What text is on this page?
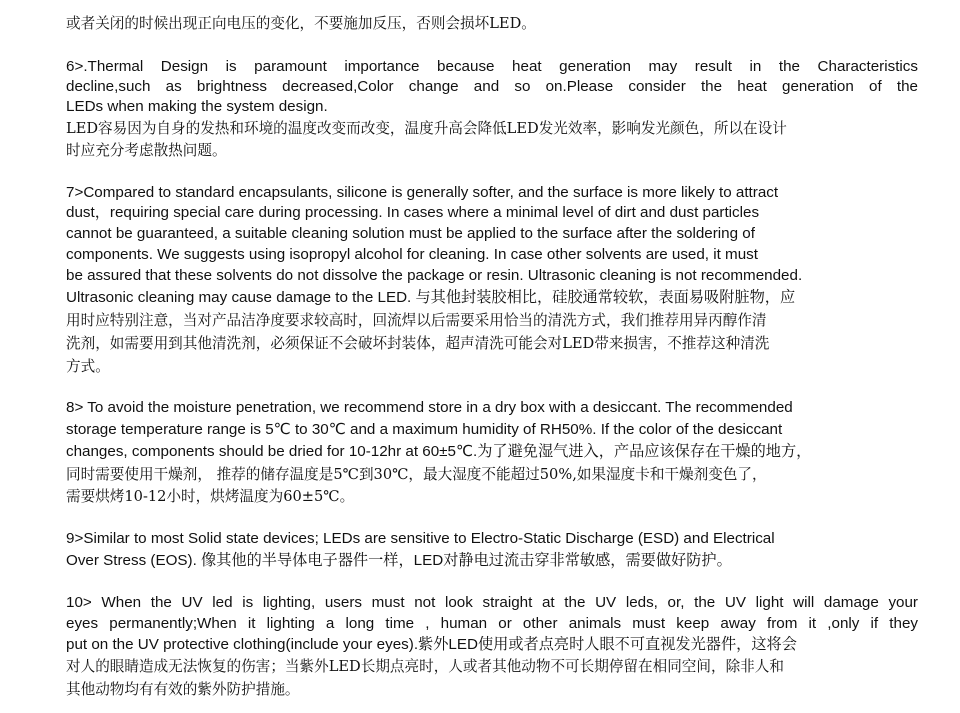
或者关闭的时候出现正向电压的变化，不要施加反压，否则会损坏LED。
6>.Thermal Design is paramount importance because heat generation may result in the Characteristics
decline,such as brightness decreased,Color change and so on.Please consider the heat generation of the
LEDs when making the system design.
LED容易因为自身的发热和环境的温度改变而改变，温度升高会降低LED发光效率，影响发光颜色，所以在设计
时应充分考虑散热问题。
7>Compared to standard encapsulants, silicone is generally softer, and the surface is more likely to attract
dust，requiring special care during processing. In cases where a minimal level of dirt and dust particles
cannot be guaranteed, a suitable cleaning solution must be applied to the surface after the soldering of
components. We suggests using isopropyl alcohol for cleaning. In case other solvents are used, it must
be assured that these solvents do not dissolve the package or resin. Ultrasonic cleaning is not recommended.
Ultrasonic cleaning may cause damage to the LED. 与其他封装胶相比，硅胶通常较软，表面易吸附脏物，应
用时应特别注意，当对产品洁净度要求较高时，回流焊以后需要采用恰当的清洗方式，我们推荐用异丙醇作清
洗剂，如需要用到其他清洗剂，必须保证不会破坏封装体，超声清洗可能会对LED带来损害，不推荐这种清洗
方式。
8> To avoid the moisture penetration, we recommend store in a dry box with a desiccant. The recommended
storage temperature range is 5℃ to 30℃ and a maximum humidity of RH50%. If the color of the desiccant
changes, components should be dried for 10-12hr at 60±5℃.为了避免湿气进入，产品应该保存在干燥的地方，
同时需要使用干燥剂， 推荐的储存温度是5℃到30℃，最大湿度不能超过50%,如果湿度卡和干燥剂变色了，
需要烘烤10-12小时，烘烤温度为60±5℃。
9>Similar to most Solid state devices; LEDs are sensitive to Electro-Static Discharge (ESD) and Electrical
Over Stress (EOS). 像其他的半导体电子器件一样，LED对静电过流击穿非常敏感，需要做好防护。
10> When the UV led is lighting, users must not look straight at the UV leds, or, the UV light will damage your
eyes permanently;When it lighting a long time , human or other animals must keep away from it ,only if they
put on the UV protective clothing(include your eyes).紫外LED使用或者点亮时人眼不可直视发光器件，这将会
对人的眼睛造成无法恢复的伤害；当紫外LED长期点亮时，人或者其他动物不可长期停留在相同空间，除非人和
其他动物均有有效的紫外防护措施。
